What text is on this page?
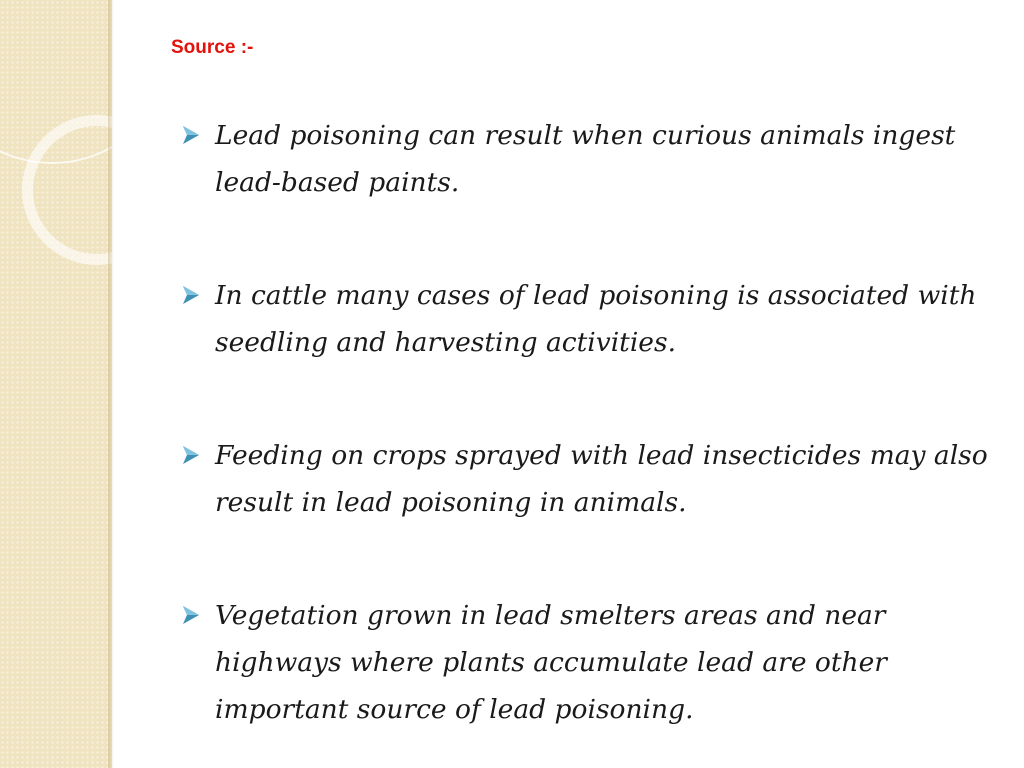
Source :-
Lead poisoning can result when curious animals ingest lead-based paints.
In cattle many cases of lead poisoning is associated with seedling and harvesting activities.
Feeding on crops sprayed with lead insecticides may also result in lead poisoning in animals.
Vegetation grown in lead smelters areas and near highways where plants accumulate lead are other important source of lead poisoning.
